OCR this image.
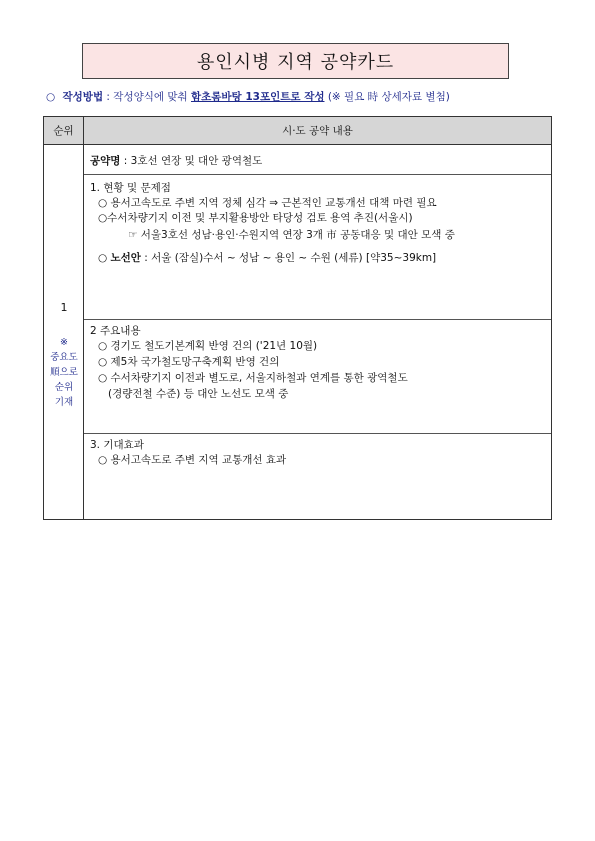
용인시병 지역 공약카드
○ 작성방법 : 작성양식에 맞춰 함초롬바탕 13포인트로 작성 (※ 필요 時 상세자료 별첨)
순위	시·도 공약 내용
1
※
중요도
順으로
순위
기재
공약명 : 3호선 연장 및 대안 광역철도
1. 현황 및 문제점
○ 용서고속도로 주변 지역 정체 심각 ⇒ 근본적인 교통개선 대책 마련 필요
○수서차량기지 이전 및 부지활용방안 타당성 검토 용역 추진(서울시)
☞ 서울3호선 성남·용인·수원지역 연장 3개 市 공동대응 및 대안 모색 중
○ 노선안 : 서울 (잠실)수서 ~ 성남 ~ 용인 ~ 수원 (세류) [약35~39km]
2 주요내용
○ 경기도 철도기본계획 반영 건의 ('21년 10월)
○ 제5차 국가철도망구축계획 반영 건의
○ 수서차량기지 이전과 별도로, 서울지하철과 연계를 통한 광역철도
(경량전철 수준) 등 대안 노선도 모색 중
3. 기대효과
○ 용서고속도로 주변 지역 교통개선 효과
